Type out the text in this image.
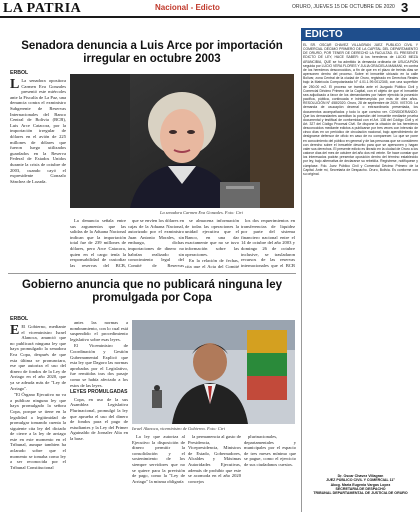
LA PATRIA	Nacional - Edicto	ORURO, JUEVES 15 DE OCTUBRE DE 2020 3
Senadora denuncia a Luis Arce por importación irregular en octubre 2003
ERBOL

L La senadora opositora Carmen Eva Gonzales presentó este miércoles ante la Fiscalía de La Paz, una denuncia contra el exministro Subgerente de Reservas Internacionales del Banco Central de Bolivia (BCB), Luis Arce Catacora, por la importación irregular de dólares en el avión de 225 millones de dólares que fueron luego utilizados guardados en la Reserva Federal de Estados Unidos durante la crisis de octubre de 2003, cuando cayó el expresidente Gonzalo Sánchez de Lozada.

La senadora Carmen Eva Gonzales. Foto: Ctri

La denuncia señala entre sus argumentos que las salidas de la Aduana Nacional indican que la importación total fue de 239 millones de dólares, pero Arce Catacora, quien en el cargo tenía la responsabilidad de custodiar las reservas del BCB,

que se envíen los dólares en cajas de la Aduana Nacional, autorizado por el exministro Juan Antonio Morales, sin embargo, dichas importaciones de dinero no habrían realizado sin conocimiento legal del Comité de Reservas

se almacena información de todas las operaciones la unidad ejecutiva que el Banco, en una dar exactamente que no se tuvo información sobre las operaciones.

En la relación de fechas, cita que el Acta del Comité

los dos requerimientos en transferencias de liquidez por parte del sistema financiero nacional entre el 14 de octubre del año 2003 y domingo 26 de octubre inclusive, se trasladaron recursos de las reservas internacionales que el BCB

Gobierno anuncia que no publicará ninguna ley promulgada por Copa
ERBOL

E El Gobierno, mediante el viceministro Israel Alanoca, anunció que no publicará ninguna ley que haya promulgado la senadora Eva Copa, después de que esta última se pronunciara, ese que autoriza el uso del dinero de fondos de la Ley de Arriago en el año 2020, que ya se adeuda más de "Ley de Arriago".

"El Órgano Ejecutivo no va a publicar ninguna ley que haya promulgado la señora Copa, porque se tiene en la legalidad a legitimidad de promulgar tomando cuenta la siguiente cita ley del dictado de cierre a la ley de arriago este en este momento en el Tribunal, aunque tambien ha aclarado sobre que el momento se tomaba como ley a ser reconocida por el Tribunal Constitucional

antes las normas a nombramiento, con lo cual está suspendido el procedimiento legislativo sobre esas leyes.

El Viceministro de Coordinación y Gestión Gubernamental Explicó que esta ley que Dagoro las normas aprobadas por el Legislativo, fue remitidas tras dos pasaje como se había afectado a los estos de las leyes.

LEYES PROMULGADAS

Copa, en uso de la sus Asamblea Legislativa Plurinacional, promulgó la ley que aprueba el uso del dinero de fondos para el pago de estudiantes y la Ley del Primer Aguinaldo de Jornaler Alta en la base.

Israel Alanoca, viceministro de Gobierno. Foto: Ctri

La ley que autoriza al Ejecutivo la disposición de dinero permitir la consolidación y el sostenimiento de los siempre servidores que no se quiere para la previsión de pago, como la "Ley de Arriago" la misma obligaría

la permanencia al gasto de Presidencia, Vicepresidencia, Ministros de Estado, Gobernadores, Alcaldes y Máximas Autoridades Ejecutivas, además de prohibir que este se acomoda en el año 2020 concejos

plurinacionales, departamentales y municipales por el espacio de tres meses mínimo que se pague, como el ejercicio de sus ciudadanos cuestos.

EDICTO
EL SR. OSCAR CHAVEZ VILLAGRAN JUEZ PUBLICO CIVIL Y COMERCIAL DÉCIMO PRIMERO DE LA CAPITAL DEL DEPARTAMENTO DE ORURO, POR TENER DE DERECHO LA FACULTAD. EL PRESENTE EDICTO DE LEY, HACE SABER: A los herederos de LUCIO MEZA ARANCIBIA, QUE se ha admitido la demanda ordinaria de USUCAPIÓN seguida por LUCIO VERA FLORES Y JULIA GRACIELA MAMANI, en contra de los herederos desconocidos, a fin de que en el plazo de treinta días se apersonen dentro del proceso. Sobre el inmueble ubicado en la calle Bolívar, zona Central de la ciudad de Oruro, registrado en Derechos Reales bajo la Matrícula Computarizada N° 4.01.1.99.0012345, con una superficie de 250.00 m2. El proceso se tramita ante el Juzgado Público Civil y Comercial Décimo Primero de la Capital, con el objeto de que el inmueble sea adjudicado a favor de los demandantes por haber ejercido la posesión pacífica, pública, continuada e ininterrumpida por más de diez años. RESOLUCIÓN N° 458/2020. Oruro, 28 de septiembre de 2020. VISTOS: La demanda de usucapión decenal o extraordinaria presentada, los documentos acompañados y todo lo que convino ver. CONSIDERANDO: Que los demandantes acreditan la posesión del inmueble mediante prueba documental y testifical de conformidad con el Art. 138 del Código Civil y el Art. 327 del Código Procesal Civil. Se dispone la citación de los herederos desconocidos mediante edictos a publicarse por tres veces con intervalo de cinco días en un periódico de circulación nacional, bajo apercibimiento de designarse defensor de oficio en caso de no comparecer. Lo que se pone en conocimiento del público en general y de las personas que se consideren con derecho sobre el inmueble descrito para que se apersonen y hagan valer sus derechos. El presente edicto es librado en la ciudad de Oruro a los catorce días del mes de octubre del año dos mil veinte. Se hace constar que los interesados podrán presentar oposición dentro del término establecido por ley, bajo alternativa de declararse su rebeldía. Regístrese, notifíquese y cúmplase. Fdo. Juez Público Civil y Comercial Décimo Primero de la Capital. Ante mí, Secretaria de Despacho. Oruro, Bolivia. Es conforme con su original.
Dr. Oscar Chavez Villagran
JUEZ PÚBLICO CIVIL Y COMERCIAL 11°
Abog. Maria Eugenia Vargas Lopez
SECRETARIA DE DESPACHO
TRIBUNAL DEPARTAMENTAL DE JUSTICIA DE ORURO
